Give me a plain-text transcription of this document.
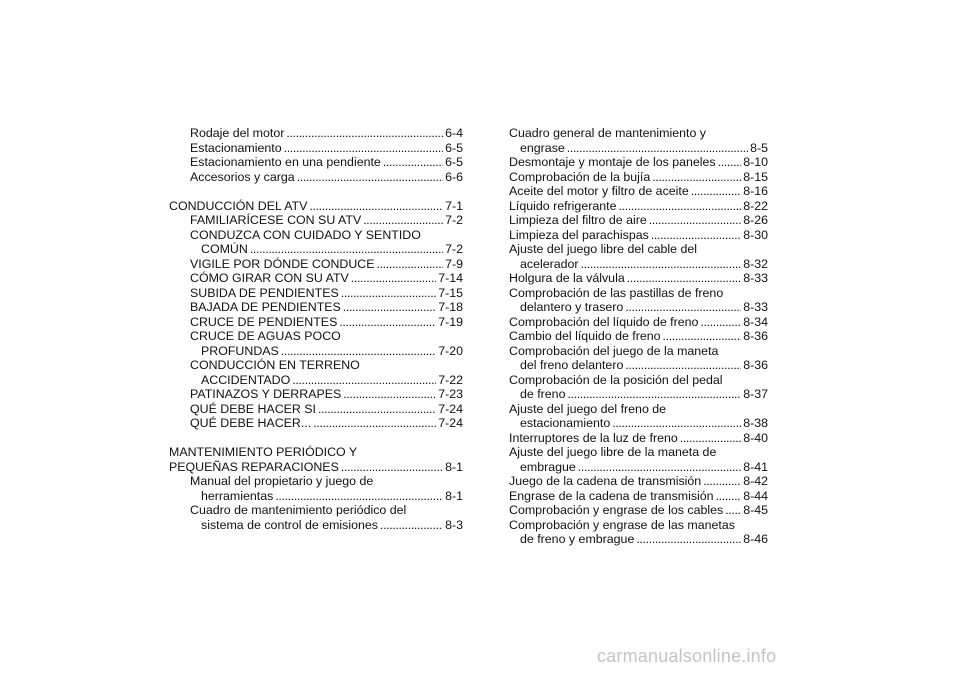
Rodaje del motor . . .	6-4
Estacionamiento . . .	6-5
Estacionamiento en una pendiente . . .	6-5
Accesorios y carga . . .	6-6
CONDUCCIÓN DEL ATV . . .	7-1
FAMILIARÍCESE CON SU ATV . . .	7-2
CONDUZCA CON CUIDADO Y SENTIDO
COMÚN . . .	7-2
VIGILE POR DÓNDE CONDUCE . . .	7-9
CÓMO GIRAR CON SU ATV . . .	7-14
SUBIDA DE PENDIENTES . . .	7-15
BAJADA DE PENDIENTES . . .	7-18
CRUCE DE PENDIENTES . . .	7-19
CRUCE DE AGUAS POCO
PROFUNDAS . . .	7-20
CONDUCCIÓN EN TERRENO
ACCIDENTADO . . .	7-22
PATINAZOS Y DERRAPES . . .	7-23
QUÉ DEBE HACER SI . . .	7-24
QUÉ DEBE HACER... . . .	7-24
MANTENIMIENTO PERIÓDICO Y
PEQUEÑAS REPARACIONES . . .	8-1
Manual del propietario y juego de
herramientas . . .	8-1
Cuadro de mantenimiento periódico del
sistema de control de emisiones . . .	8-3
Cuadro general de mantenimiento y
engrase . . .	8-5
Desmontaje y montaje de los paneles . . . 8-10
Comprobación de la bujía . . .	8-15
Aceite del motor y filtro de aceite . . .	8-16
Líquido refrigerante . . .	8-22
Limpieza del filtro de aire . . .	8-26
Limpieza del parachispas . . .	8-30
Ajuste del juego libre del cable del
acelerador . . .	8-32
Holgura de la válvula . . .	8-33
Comprobación de las pastillas de freno
delantero y trasero . . .	8-33
Comprobación del líquido de freno . . .	8-34
Cambio del líquido de freno . . .	8-36
Comprobación del juego de la maneta
del freno delantero . . .	8-36
Comprobación de la posición del pedal
de freno . . .	8-37
Ajuste del juego del freno de
estacionamiento . . .	8-38
Interruptores de la luz de freno . . .	8-40
Ajuste del juego libre de la maneta de
embrague . . .	8-41
Juego de la cadena de transmisión . . .	8-42
Engrase de la cadena de transmisión . . . 8-44
Comprobación y engrase de los cables . . . 8-45
Comprobación y engrase de las manetas
de freno y embrague . . .	8-46
carmanualsonline.info
